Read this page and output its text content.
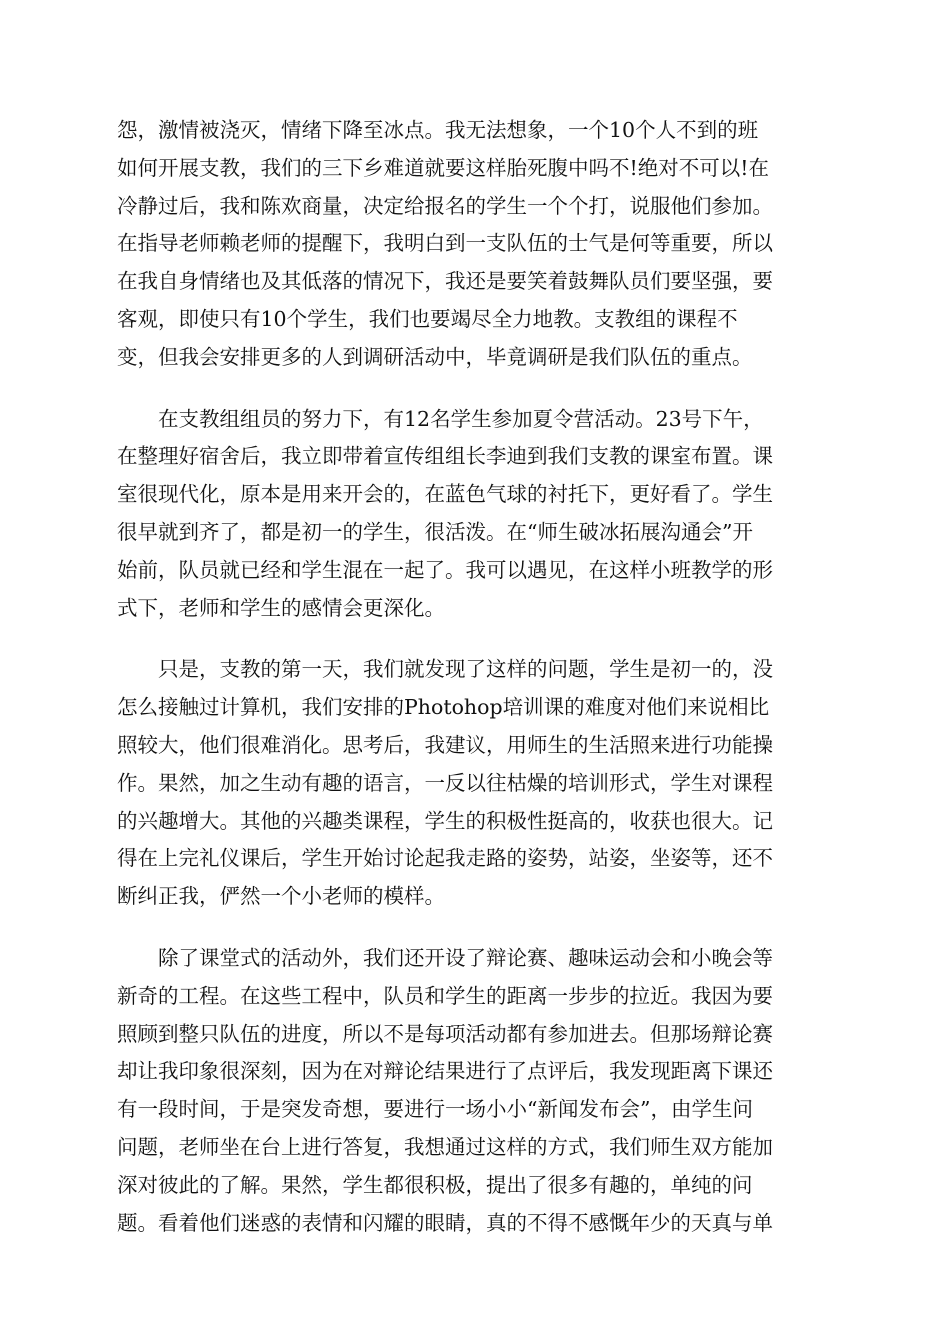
怨，激情被浇灭，情绪下降至冰点。我无法想象，一个10个人不到的班
如何开展支教，我们的三下乡难道就要这样胎死腹中吗不!绝对不可以!在
冷静过后，我和陈欢商量，决定给报名的学生一个个打，说服他们参加。
在指导老师赖老师的提醒下，我明白到一支队伍的士气是何等重要，所以
在我自身情绪也及其低落的情况下，我还是要笑着鼓舞队员们要坚强，要
客观，即使只有10个学生，我们也要竭尽全力地教。支教组的课程不
变，但我会安排更多的人到调研活动中，毕竟调研是我们队伍的重点。
在支教组组员的努力下，有12名学生参加夏令营活动。23号下午，
在整理好宿舍后，我立即带着宣传组组长李迪到我们支教的课室布置。课
室很现代化，原本是用来开会的，在蓝色气球的衬托下，更好看了。学生
很早就到齐了，都是初一的学生，很活泼。在“师生破冰拓展沟通会”开
始前，队员就已经和学生混在一起了。我可以遇见，在这样小班教学的形
式下，老师和学生的感情会更深化。
只是，支教的第一天，我们就发现了这样的问题，学生是初一的，没
怎么接触过计算机，我们安排的Photohop培训课的难度对他们来说相比
照较大，他们很难消化。思考后，我建议，用师生的生活照来进行功能操
作。果然，加之生动有趣的语言，一反以往枯燥的培训形式，学生对课程
的兴趣增大。其他的兴趣类课程，学生的积极性挺高的，收获也很大。记
得在上完礼仪课后，学生开始讨论起我走路的姿势，站姿，坐姿等，还不
断纠正我，俨然一个小老师的模样。
除了课堂式的活动外，我们还开设了辩论赛、趣味运动会和小晚会等
新奇的工程。在这些工程中，队员和学生的距离一步步的拉近。我因为要
照顾到整只队伍的进度，所以不是每项活动都有参加进去。但那场辩论赛
却让我印象很深刻，因为在对辩论结果进行了点评后，我发现距离下课还
有一段时间，于是突发奇想，要进行一场小小“新闻发布会”，由学生问
问题，老师坐在台上进行答复，我想通过这样的方式，我们师生双方能加
深对彼此的了解。果然，学生都很积极，提出了很多有趣的，单纯的问
题。看着他们迷惑的表情和闪耀的眼睛，真的不得不感慨年少的天真与单
